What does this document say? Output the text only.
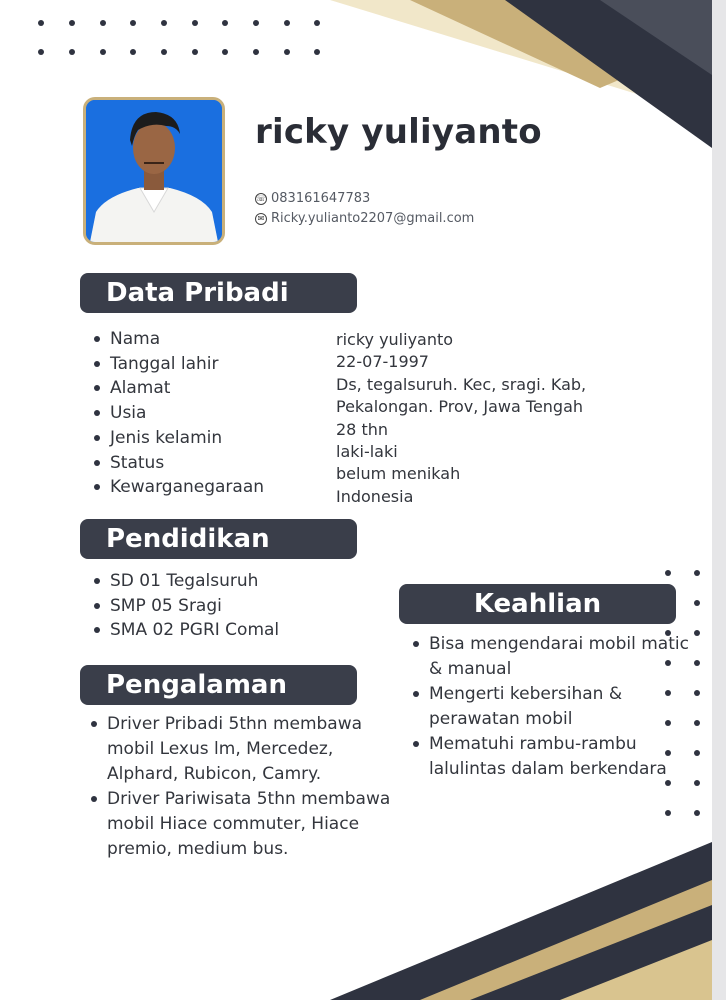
ricky yuliyanto
☏ 083161647783
✉ Ricky.yulianto2207@gmail.com
Data Pribadi
Nama
Tanggal lahir
Alamat
Usia
Jenis kelamin
Status
Kewarganegaraan
ricky yuliyanto
22-07-1997
Ds, tegalsuruh. Kec, sragi. Kab,
Pekalongan. Prov, Jawa Tengah
28 thn
laki-laki
belum menikah
Indonesia
Pendidikan
SD 01 Tegalsuruh
SMP 05 Sragi
SMA 02 PGRI Comal
Pengalaman
Driver Pribadi 5thn membawa mobil Lexus lm, Mercedez, Alphard, Rubicon, Camry.
Driver Pariwisata 5thn membawa mobil Hiace commuter, Hiace premio, medium bus.
Keahlian
Bisa mengendarai mobil matic & manual
Mengerti kebersihan & perawatan mobil
Mematuhi rambu-rambu lalulintas dalam berkendara
